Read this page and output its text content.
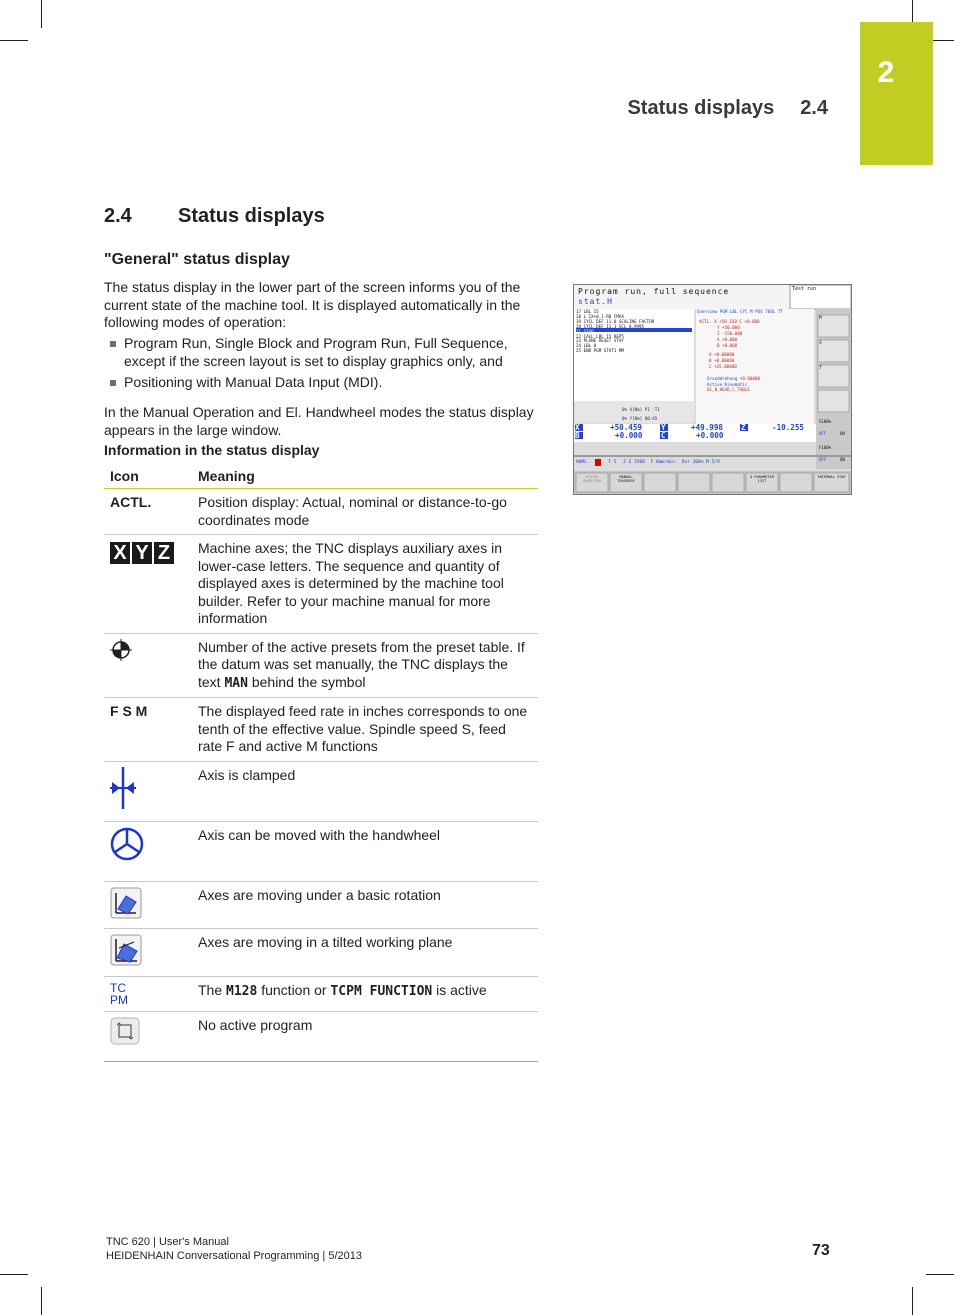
2
Status displays 2.4
2.4 Status displays
"General" status display

The status display in the lower part of the screen informs you of the current state of the machine tool. It is displayed automatically in the following modes of operation:

Program Run, Single Block and Program Run, Full Sequence, except if the screen layout is set to display graphics only, and
Positioning with Manual Data Input (MDI).

In the Manual Operation and El. Handwheel modes the status display appears in the large window.

Information in the status display
Icon	Meaning
ACTL.	Position display: Actual, nominal or distance-to-go coordinates mode
X Y Z	Machine axes; the TNC displays auxiliary axes in lower-case letters. The sequence and quantity of displayed axes is determined by the machine tool builder. Refer to your machine manual for more information
	Number of the active presets from the preset table. If the datum was set manually, the TNC displays the text MAN behind the symbol
F S M	The displayed feed rate in inches corresponds to one tenth of the effective value. Spindle speed S, feed rate F and active M functions
	Axis is clamped
	Axis can be moved with the handwheel
	Axes are moving under a basic rotation
	Axes are moving in a tilted working plane

TC
PM	The M128 function or TCPM FUNCTION is active
	No active program
Program run, full sequence
stat.H
Test run
17 LBL 15
18 L IX+0.1 R0 FMAX
19 CYCL DEF 11.0 SCALING FACTOR
20 CYCL DEF 11.1 SCL 0.9995
21 STOP
22 CALL LBL 15 REP5
23 PLANE RESET STAY
24 LBL 0
25 END PGM STAT1 MM
Overview PGM LBL CYC M POS TOOL TT
ACTL. X +50.150 C +0.000
Y +50.000
Z -150.000
A +0.000
B +0.000
A +0.00000
B +0.00000
C +25.00000
Grunddrehung +0.00000
Active Kinematic
01_B_HEAD_C_TABLE
0% X[Nm] P1 -T1
0% Y[Nm] 00:45
X	+50.459 Y	+49.998 Z	-10.255
B	+0.000 C	+0.000
NOML.	T 5 Z S 2500 F 0mm/min Ovr 100% M 5/9
M
S
T
S100%
OFF	ON
F100%
OFF	ON
STATUS OVERVIEW
MANUAL TRAVERSE
Q PARAMETER LIST
INTERNAL STOP
TNC 620 | User's Manual
HEIDENHAIN Conversational Programming | 5/2013	73
